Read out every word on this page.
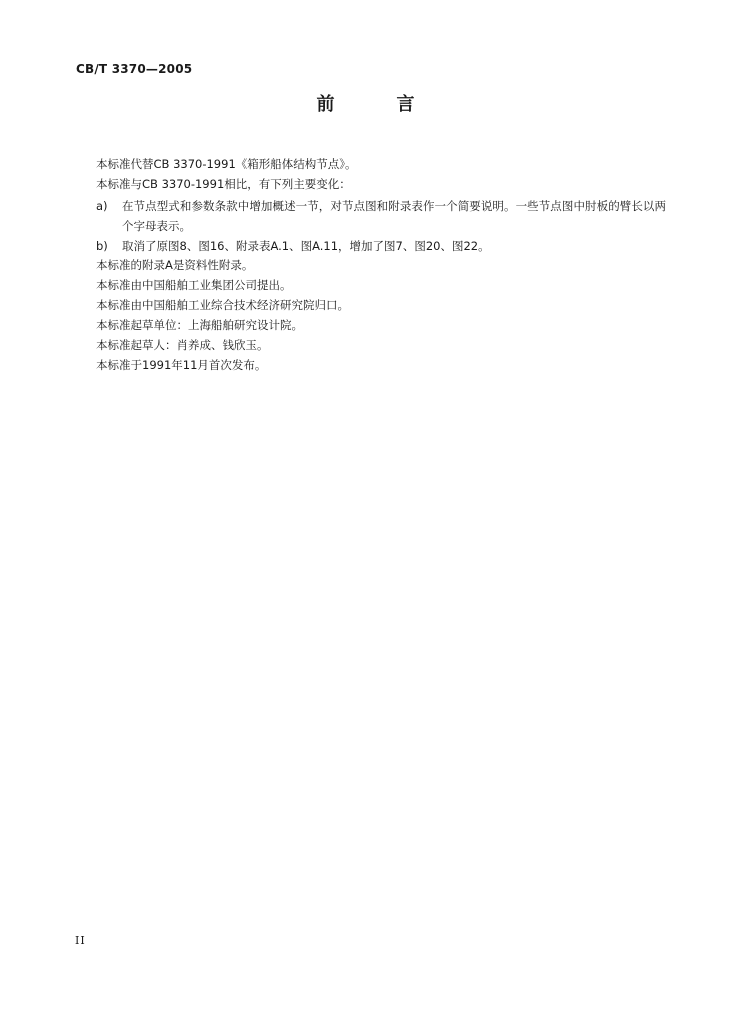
CB/T 3370—2005
前　言
本标准代替CB 3370-1991《箱形船体结构节点》。
本标准与CB 3370-1991相比，有下列主要变化：
a)	在节点型式和参数条款中增加概述一节，对节点图和附录表作一个简要说明。一些节点图中肘板的臂长以两个字母表示。
b)	取消了原图8、图16、附录表A.1、图A.11，增加了图7、图20、图22。
本标准的附录A是资料性附录。
本标准由中国船舶工业集团公司提出。
本标准由中国船舶工业综合技术经济研究院归口。
本标准起草单位：上海船舶研究设计院。
本标准起草人：肖养成、钱欣玉。
本标准于1991年11月首次发布。
II
